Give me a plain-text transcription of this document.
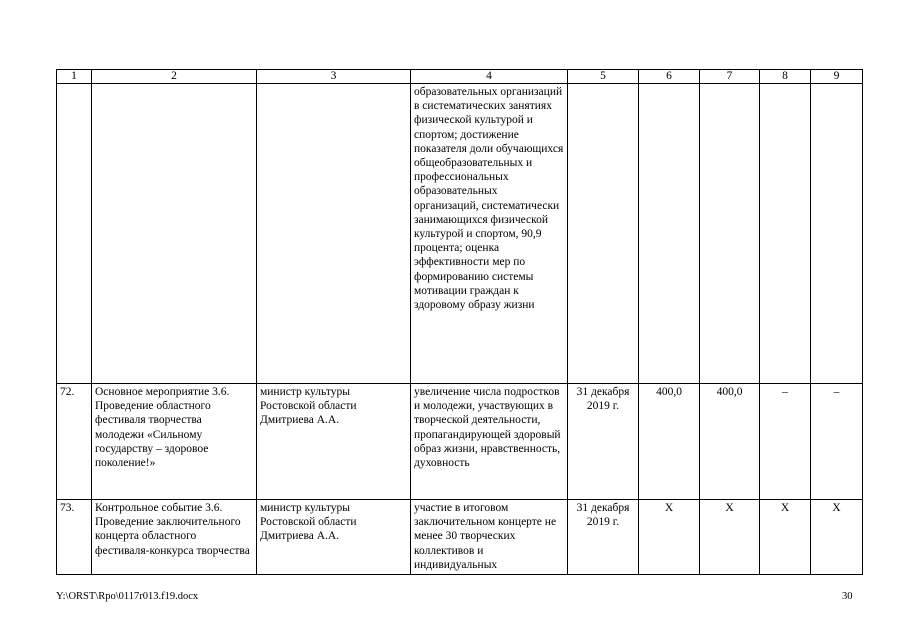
1	2	3	4	5	6	7	8	9
			образовательных организаций в систематических занятиях физической культурой и спортом; достижение показателя доли обучающихся общеобразовательных и профессиональных образовательных организаций, систематически занимающихся физической культурой и спортом, 90,9 процента; оценка эффективности мер по формированию системы мотивации граждан к здоровому образу жизни					
72.	Основное мероприятие 3.6. Проведение областного фестиваля творчества молодежи «Сильному государству – здоровое поколение!»	министр культуры Ростовской области Дмитриева А.А.	увеличение числа подростков и молодежи, участвующих в творческой деятельности, пропагандирующей здоровый образ жизни, нравственность, духовность	31 декабря 2019 г.	400,0	400,0	–	–
73.	Контрольное событие 3.6. Проведение заключительного концерта областного фестиваля-конкурса творчества	министр культуры Ростовской области Дмитриева А.А.	участие в итоговом заключительном концерте не менее 30 творческих коллективов и индивидуальных	31 декабря 2019 г.	Х	Х	Х	Х
Y:\ORST\Rpo\0117r013.f19.docx	30
